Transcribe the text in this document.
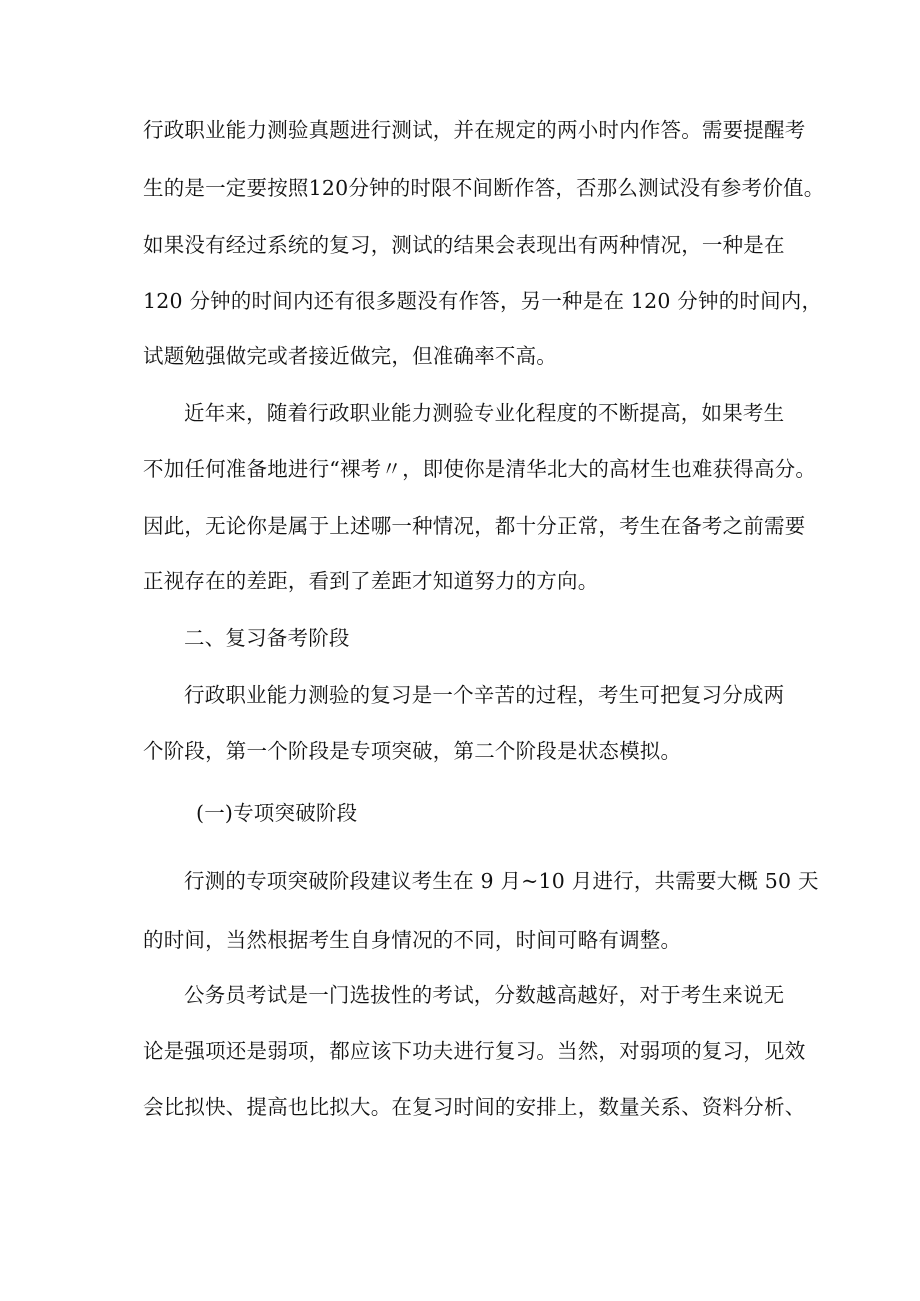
行政职业能力测验真题进行测试，并在规定的两小时内作答。需要提醒考

生的是一定要按照120分钟的时限不间断作答，否那么测试没有参考价值。

如果没有经过系统的复习，测试的结果会表现出有两种情况，一种是在

120 分钟的时间内还有很多题没有作答，另一种是在 120 分钟的时间内，

试题勉强做完或者接近做完，但准确率不高。

近年来，随着行政职业能力测验专业化程度的不断提高，如果考生

不加任何准备地进行“裸考〃，即使你是清华北大的高材生也难获得高分。

因此，无论你是属于上述哪一种情况，都十分正常，考生在备考之前需要

正视存在的差距，看到了差距才知道努力的方向。

二、复习备考阶段

行政职业能力测验的复习是一个辛苦的过程，考生可把复习分成两

个阶段，第一个阶段是专项突破，第二个阶段是状态模拟。

(一)专项突破阶段

行测的专项突破阶段建议考生在 9 月~10 月进行，共需要大概 50 天

的时间，当然根据考生自身情况的不同，时间可略有调整。

公务员考试是一门选拔性的考试，分数越高越好，对于考生来说无

论是强项还是弱项，都应该下功夫进行复习。当然，对弱项的复习，见效

会比拟快、提高也比拟大。在复习时间的安排上，数量关系、资料分析、
